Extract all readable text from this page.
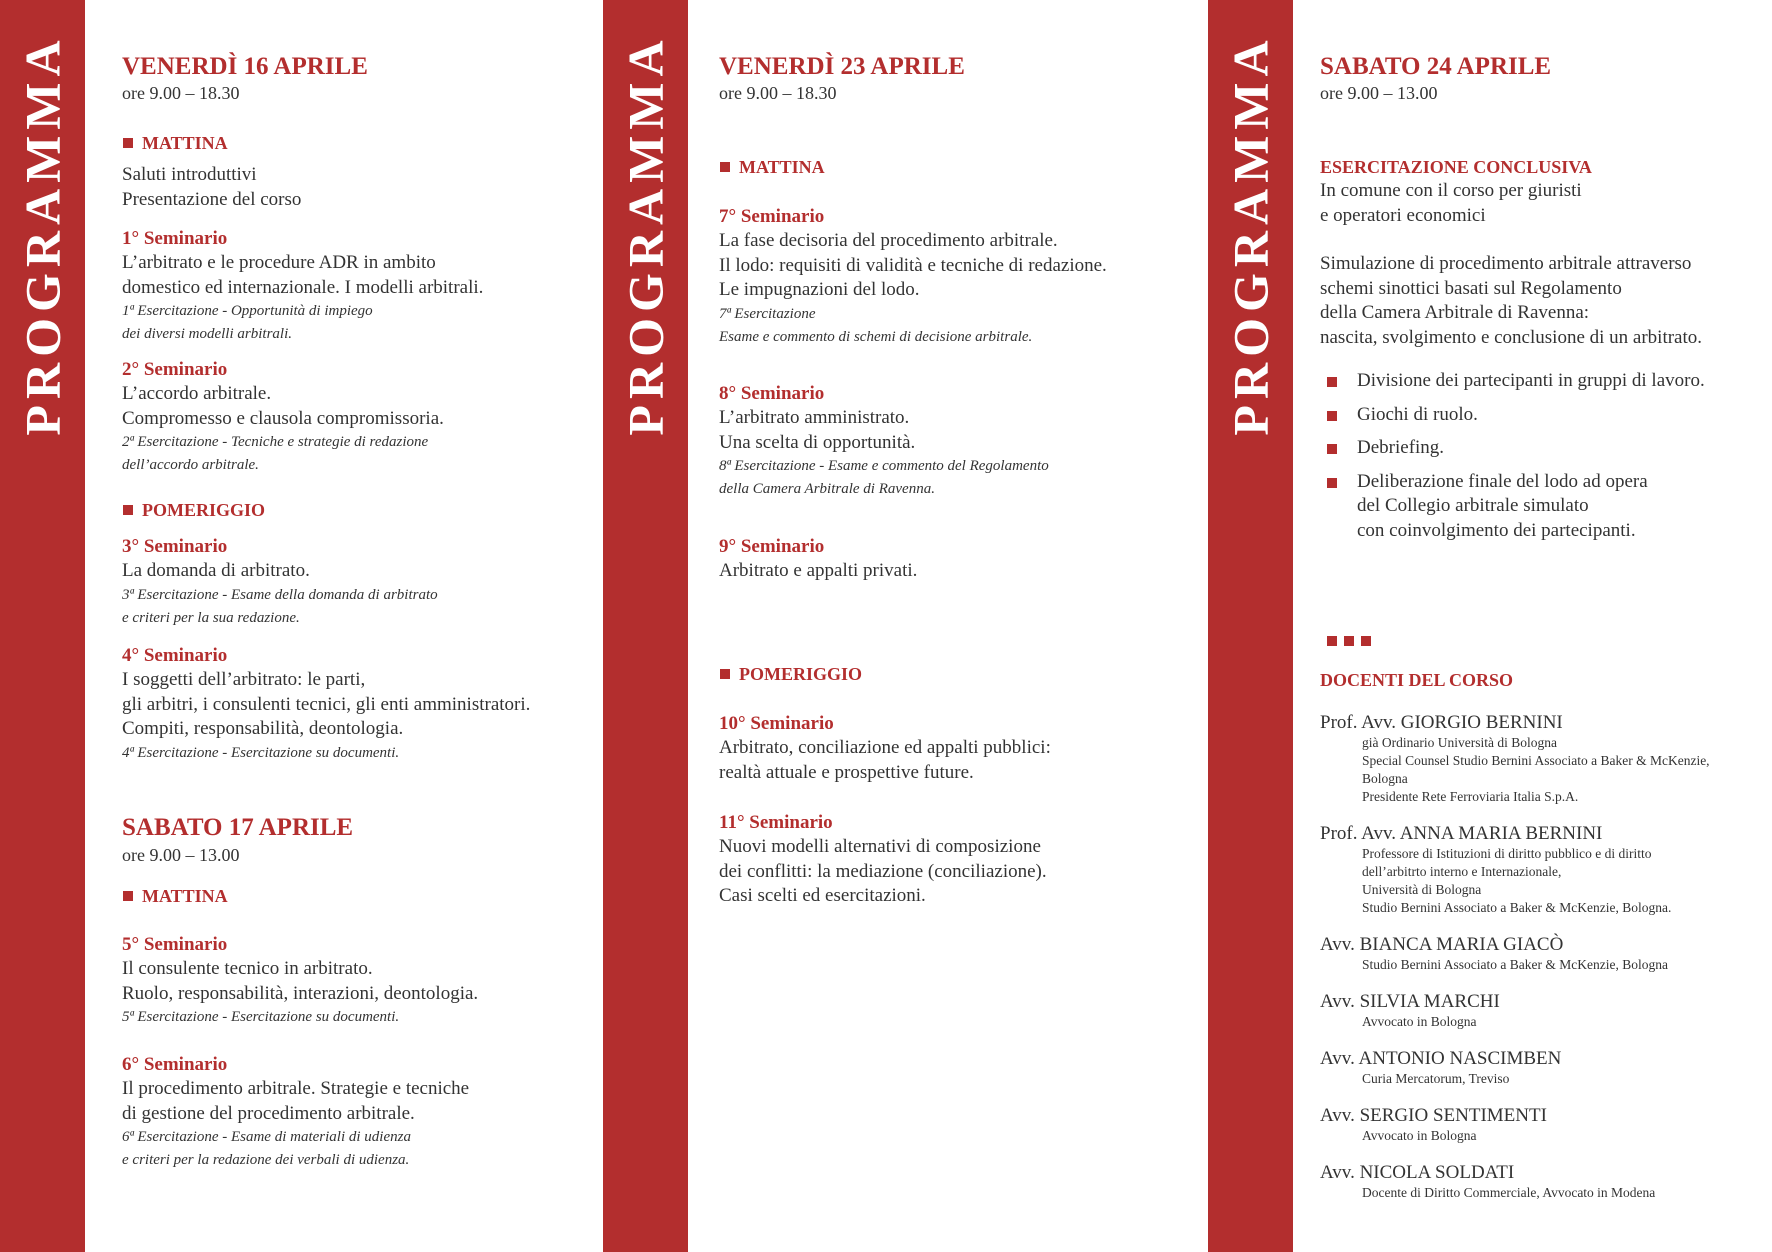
PROGRAMMA	PROGRAMMA	PROGRAMMA
VENERDÌ 16 APRILE
ore 9.00 – 18.30
MATTINA
Saluti introduttivi
Presentazione del corso
1° Seminario
L’arbitrato e le procedure ADR in ambito
domestico ed internazionale. I modelli arbitrali.
1ª Esercitazione - Opportunità di impiego
dei diversi modelli arbitrali.
2° Seminario
L’accordo arbitrale.
Compromesso e clausola compromissoria.
2ª Esercitazione - Tecniche e strategie di redazione
dell’accordo arbitrale.
POMERIGGIO
3° Seminario
La domanda di arbitrato.
3ª Esercitazione - Esame della domanda di arbitrato
e criteri per la sua redazione.
4° Seminario
I soggetti dell’arbitrato: le parti,
gli arbitri, i consulenti tecnici, gli enti amministratori.
Compiti, responsabilità, deontologia.
4ª Esercitazione - Esercitazione su documenti.
SABATO 17 APRILE
ore 9.00 – 13.00
MATTINA
5° Seminario
Il consulente tecnico in arbitrato.
Ruolo, responsabilità, interazioni, deontologia.
5ª Esercitazione - Esercitazione su documenti.
6° Seminario
Il procedimento arbitrale. Strategie e tecniche
di gestione del procedimento arbitrale.
6ª Esercitazione - Esame di materiali di udienza
e criteri per la redazione dei verbali di udienza.
VENERDÌ 23 APRILE
ore 9.00 – 18.30
MATTINA
7° Seminario
La fase decisoria del procedimento arbitrale.
Il lodo: requisiti di validità e tecniche di redazione.
Le impugnazioni del lodo.
7ª Esercitazione
Esame e commento di schemi di decisione arbitrale.
8° Seminario
L’arbitrato amministrato.
Una scelta di opportunità.
8ª Esercitazione - Esame e commento del Regolamento
della Camera Arbitrale di Ravenna.
9° Seminario
Arbitrato e appalti privati.
POMERIGGIO
10° Seminario
Arbitrato, conciliazione ed appalti pubblici:
realtà attuale e prospettive future.
11° Seminario
Nuovi modelli alternativi di composizione
dei conflitti: la mediazione (conciliazione).
Casi scelti ed esercitazioni.
SABATO 24 APRILE
ore 9.00 – 13.00
ESERCITAZIONE CONCLUSIVA
In comune con il corso per giuristi
e operatori economici
Simulazione di procedimento arbitrale attraverso
schemi sinottici basati sul Regolamento
della Camera Arbitrale di Ravenna:
nascita, svolgimento e conclusione di un arbitrato.
Divisione dei partecipanti in gruppi di lavoro.
Giochi di ruolo.
Debriefing.
Deliberazione finale del lodo ad opera
del Collegio arbitrale simulato
con coinvolgimento dei partecipanti.
DOCENTI DEL CORSO
Prof. Avv. GIORGIO BERNINI
già Ordinario Università di Bologna
Special Counsel Studio Bernini Associato a Baker & McKenzie,
Bologna
Presidente Rete Ferroviaria Italia S.p.A.
Prof. Avv. ANNA MARIA BERNINI
Professore di Istituzioni di diritto pubblico e di diritto
dell’arbitrto interno e Internazionale,
Università di Bologna
Studio Bernini Associato a Baker & McKenzie, Bologna.
Avv. BIANCA MARIA GIACÒ
Studio Bernini Associato a Baker & McKenzie, Bologna
Avv. SILVIA MARCHI
Avvocato in Bologna
Avv. ANTONIO NASCIMBEN
Curia Mercatorum, Treviso
Avv. SERGIO SENTIMENTI
Avvocato in Bologna
Avv. NICOLA SOLDATI
Docente di Diritto Commerciale, Avvocato in Modena
